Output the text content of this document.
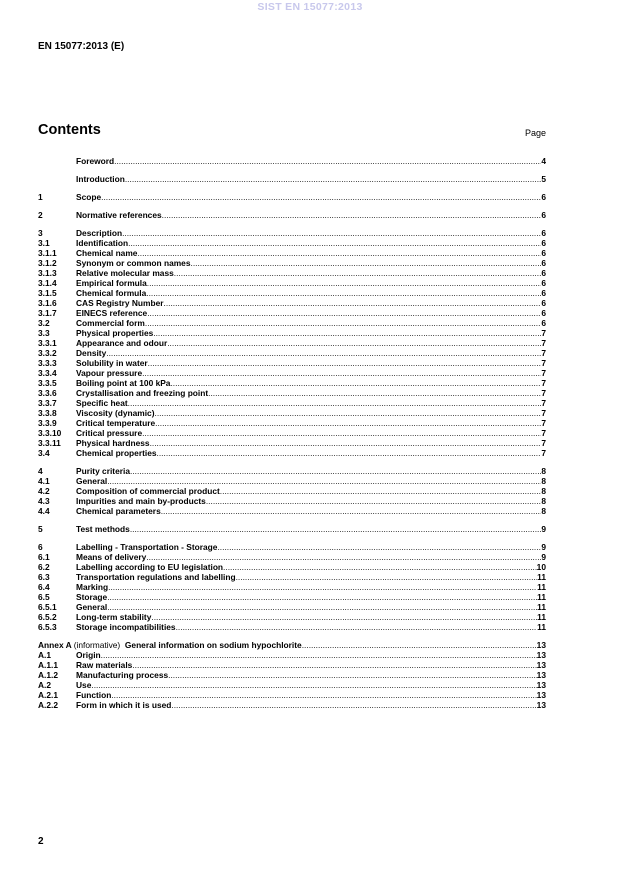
SIST EN 15077:2013
EN 15077:2013 (E)
Contents	Page
Foreword .....	4
Introduction .....	5
1	Scope .....	6
2	Normative references .....	6
3	Description .....	6
3.1	Identification .....	6
3.1.1	Chemical name .....	6
3.1.2	Synonym or common names .....	6
3.1.3	Relative molecular mass .....	6
3.1.4	Empirical formula .....	6
3.1.5	Chemical formula .....	6
3.1.6	CAS Registry Number .....	6
3.1.7	EINECS reference .....	6
3.2	Commercial form .....	6
3.3	Physical properties .....	7
3.3.1	Appearance and odour .....	7
3.3.2	Density .....	7
3.3.3	Solubility in water .....	7
3.3.4	Vapour pressure .....	7
3.3.5	Boiling point at 100 kPa .....	7
3.3.6	Crystallisation and freezing point .....	7
3.3.7	Specific heat .....	7
3.3.8	Viscosity (dynamic) .....	7
3.3.9	Critical temperature .....	7
3.3.10	Critical pressure .....	7
3.3.11	Physical hardness .....	7
3.4	Chemical properties .....	7
4	Purity criteria .....	8
4.1	General .....	8
4.2	Composition of commercial product .....	8
4.3	Impurities and main by-products .....	8
4.4	Chemical parameters .....	8
5	Test methods .....	9
6	Labelling - Transportation - Storage .....	9
6.1	Means of delivery .....	9
6.2	Labelling according to EU legislation .....	10
6.3	Transportation regulations and labelling .....	11
6.4	Marking .....	11
6.5	Storage .....	11
6.5.1	General .....	11
6.5.2	Long-term stability .....	11
6.5.3	Storage incompatibilities .....	11
Annex A (informative) General information on sodium hypochlorite .....	13
A.1	Origin .....	13
A.1.1	Raw materials .....	13
A.1.2	Manufacturing process .....	13
A.2	Use .....	13
A.2.1	Function .....	13
A.2.2	Form in which it is used .....	13
2
